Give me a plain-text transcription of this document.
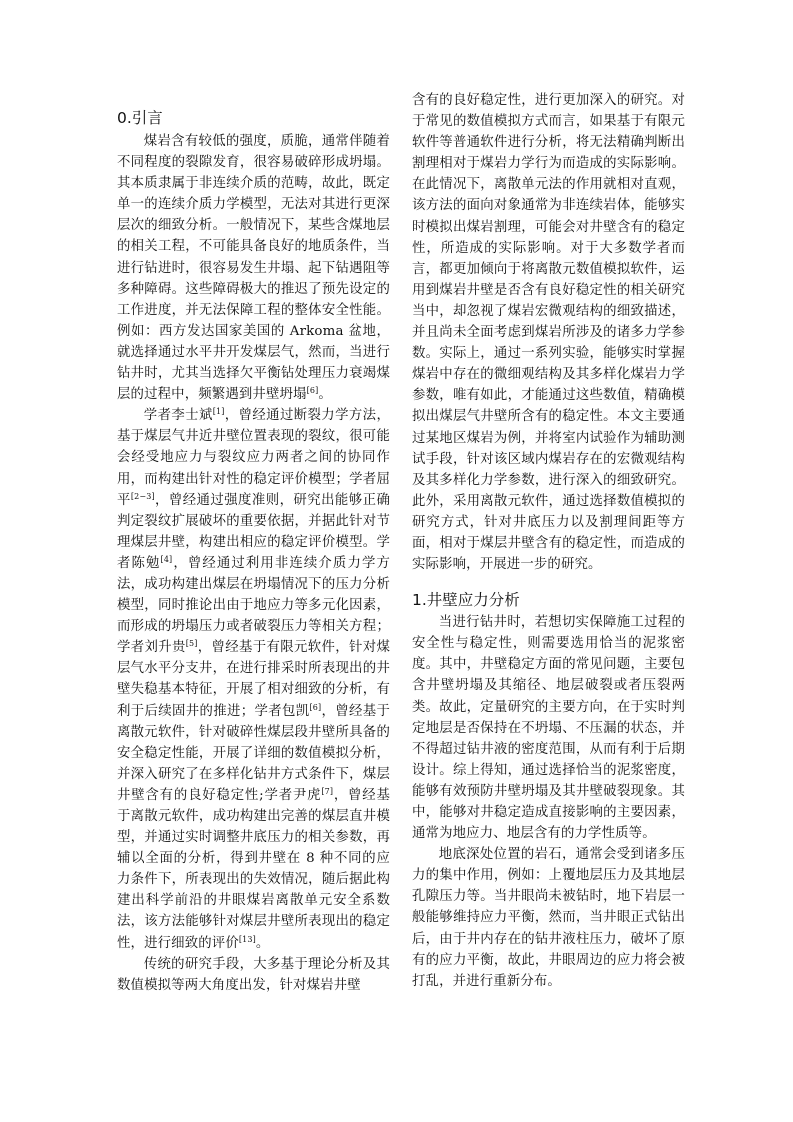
0.引言

煤岩含有较低的强度，质脆，通常伴随着不同程度的裂隙发育，很容易破碎形成坍塌。其本质隶属于非连续介质的范畴，故此，既定单一的连续介质力学模型，无法对其进行更深层次的细致分析。一般情况下，某些含煤地层的相关工程，不可能具备良好的地质条件，当进行钻进时，很容易发生井塌、起下钻遇阻等多种障碍。这些障碍极大的推迟了预先设定的工作进度，并无法保障工程的整体安全性能。例如：西方发达国家美国的 Arkoma 盆地，就选择通过水平井开发煤层气，然而，当进行钻井时，尤其当选择欠平衡钻处理压力衰竭煤层的过程中，频繁遇到井壁坍塌[6]。

学者李士斌[1]，曾经通过断裂力学方法，基于煤层气井近井壁位置表现的裂纹，很可能会经受地应力与裂纹应力两者之间的协同作用，而构建出针对性的稳定评价模型；学者屈平[2−3]，曾经通过强度准则，研究出能够正确判定裂纹扩展破坏的重要依据，并据此针对节理煤层井壁，构建出相应的稳定评价模型。学者陈勉[4]，曾经通过利用非连续介质力学方法，成功构建出煤层在坍塌情况下的压力分析模型，同时推论出由于地应力等多元化因素，而形成的坍塌压力或者破裂压力等相关方程；学者刘升贵[5]，曾经基于有限元软件，针对煤层气水平分支井，在进行排采时所表现出的井壁失稳基本特征，开展了相对细致的分析，有利于后续固井的推进；学者包凯[6]，曾经基于离散元软件，针对破碎性煤层段井壁所具备的安全稳定性能，开展了详细的数值模拟分析，并深入研究了在多样化钻井方式条件下，煤层井壁含有的良好稳定性;学者尹虎[7]，曾经基于离散元软件，成功构建出完善的煤层直井模型，并通过实时调整井底压力的相关参数，再辅以全面的分析，得到井壁在 8 种不同的应力条件下，所表现出的失效情况，随后据此构建出科学前沿的井眼煤岩离散单元安全系数法，该方法能够针对煤层井壁所表现出的稳定性，进行细致的评价[13]。

传统的研究手段，大多基于理论分析及其数值模拟等两大角度出发，针对煤岩井壁

含有的良好稳定性，进行更加深入的研究。对于常见的数值模拟方式而言，如果基于有限元软件等普通软件进行分析，将无法精确判断出割理相对于煤岩力学行为而造成的实际影响。在此情况下，离散单元法的作用就相对直观，该方法的面向对象通常为非连续岩体，能够实时模拟出煤岩割理，可能会对井壁含有的稳定性，所造成的实际影响。对于大多数学者而言，都更加倾向于将离散元数值模拟软件，运用到煤岩井壁是否含有良好稳定性的相关研究当中，却忽视了煤岩宏微观结构的细致描述，并且尚未全面考虑到煤岩所涉及的诸多力学参数。实际上，通过一系列实验，能够实时掌握煤岩中存在的微细观结构及其多样化煤岩力学参数，唯有如此，才能通过这些数值，精确模拟出煤层气井壁所含有的稳定性。本文主要通过某地区煤岩为例，并将室内试验作为辅助测试手段，针对该区域内煤岩存在的宏微观结构及其多样化力学参数，进行深入的细致研究。此外，采用离散元软件，通过选择数值模拟的研究方式，针对井底压力以及割理间距等方面，相对于煤层井壁含有的稳定性，而造成的实际影响，开展进一步的研究。

1.井壁应力分析

当进行钻井时，若想切实保障施工过程的安全性与稳定性，则需要选用恰当的泥浆密度。其中，井壁稳定方面的常见问题，主要包含井壁坍塌及其缩径、地层破裂或者压裂两类。故此，定量研究的主要方向，在于实时判定地层是否保持在不坍塌、不压漏的状态，并不得超过钻井液的密度范围，从而有利于后期设计。综上得知，通过选择恰当的泥浆密度，能够有效预防井壁坍塌及其井壁破裂现象。其中，能够对井稳定造成直接影响的主要因素，通常为地应力、地层含有的力学性质等。

地底深处位置的岩石，通常会受到诸多压力的集中作用，例如：上覆地层压力及其地层孔隙压力等。当井眼尚未被钻时，地下岩层一般能够维持应力平衡，然而，当井眼正式钻出后，由于井内存在的钻井液柱压力，破坏了原有的应力平衡，故此，井眼周边的应力将会被打乱，并进行重新分布。
